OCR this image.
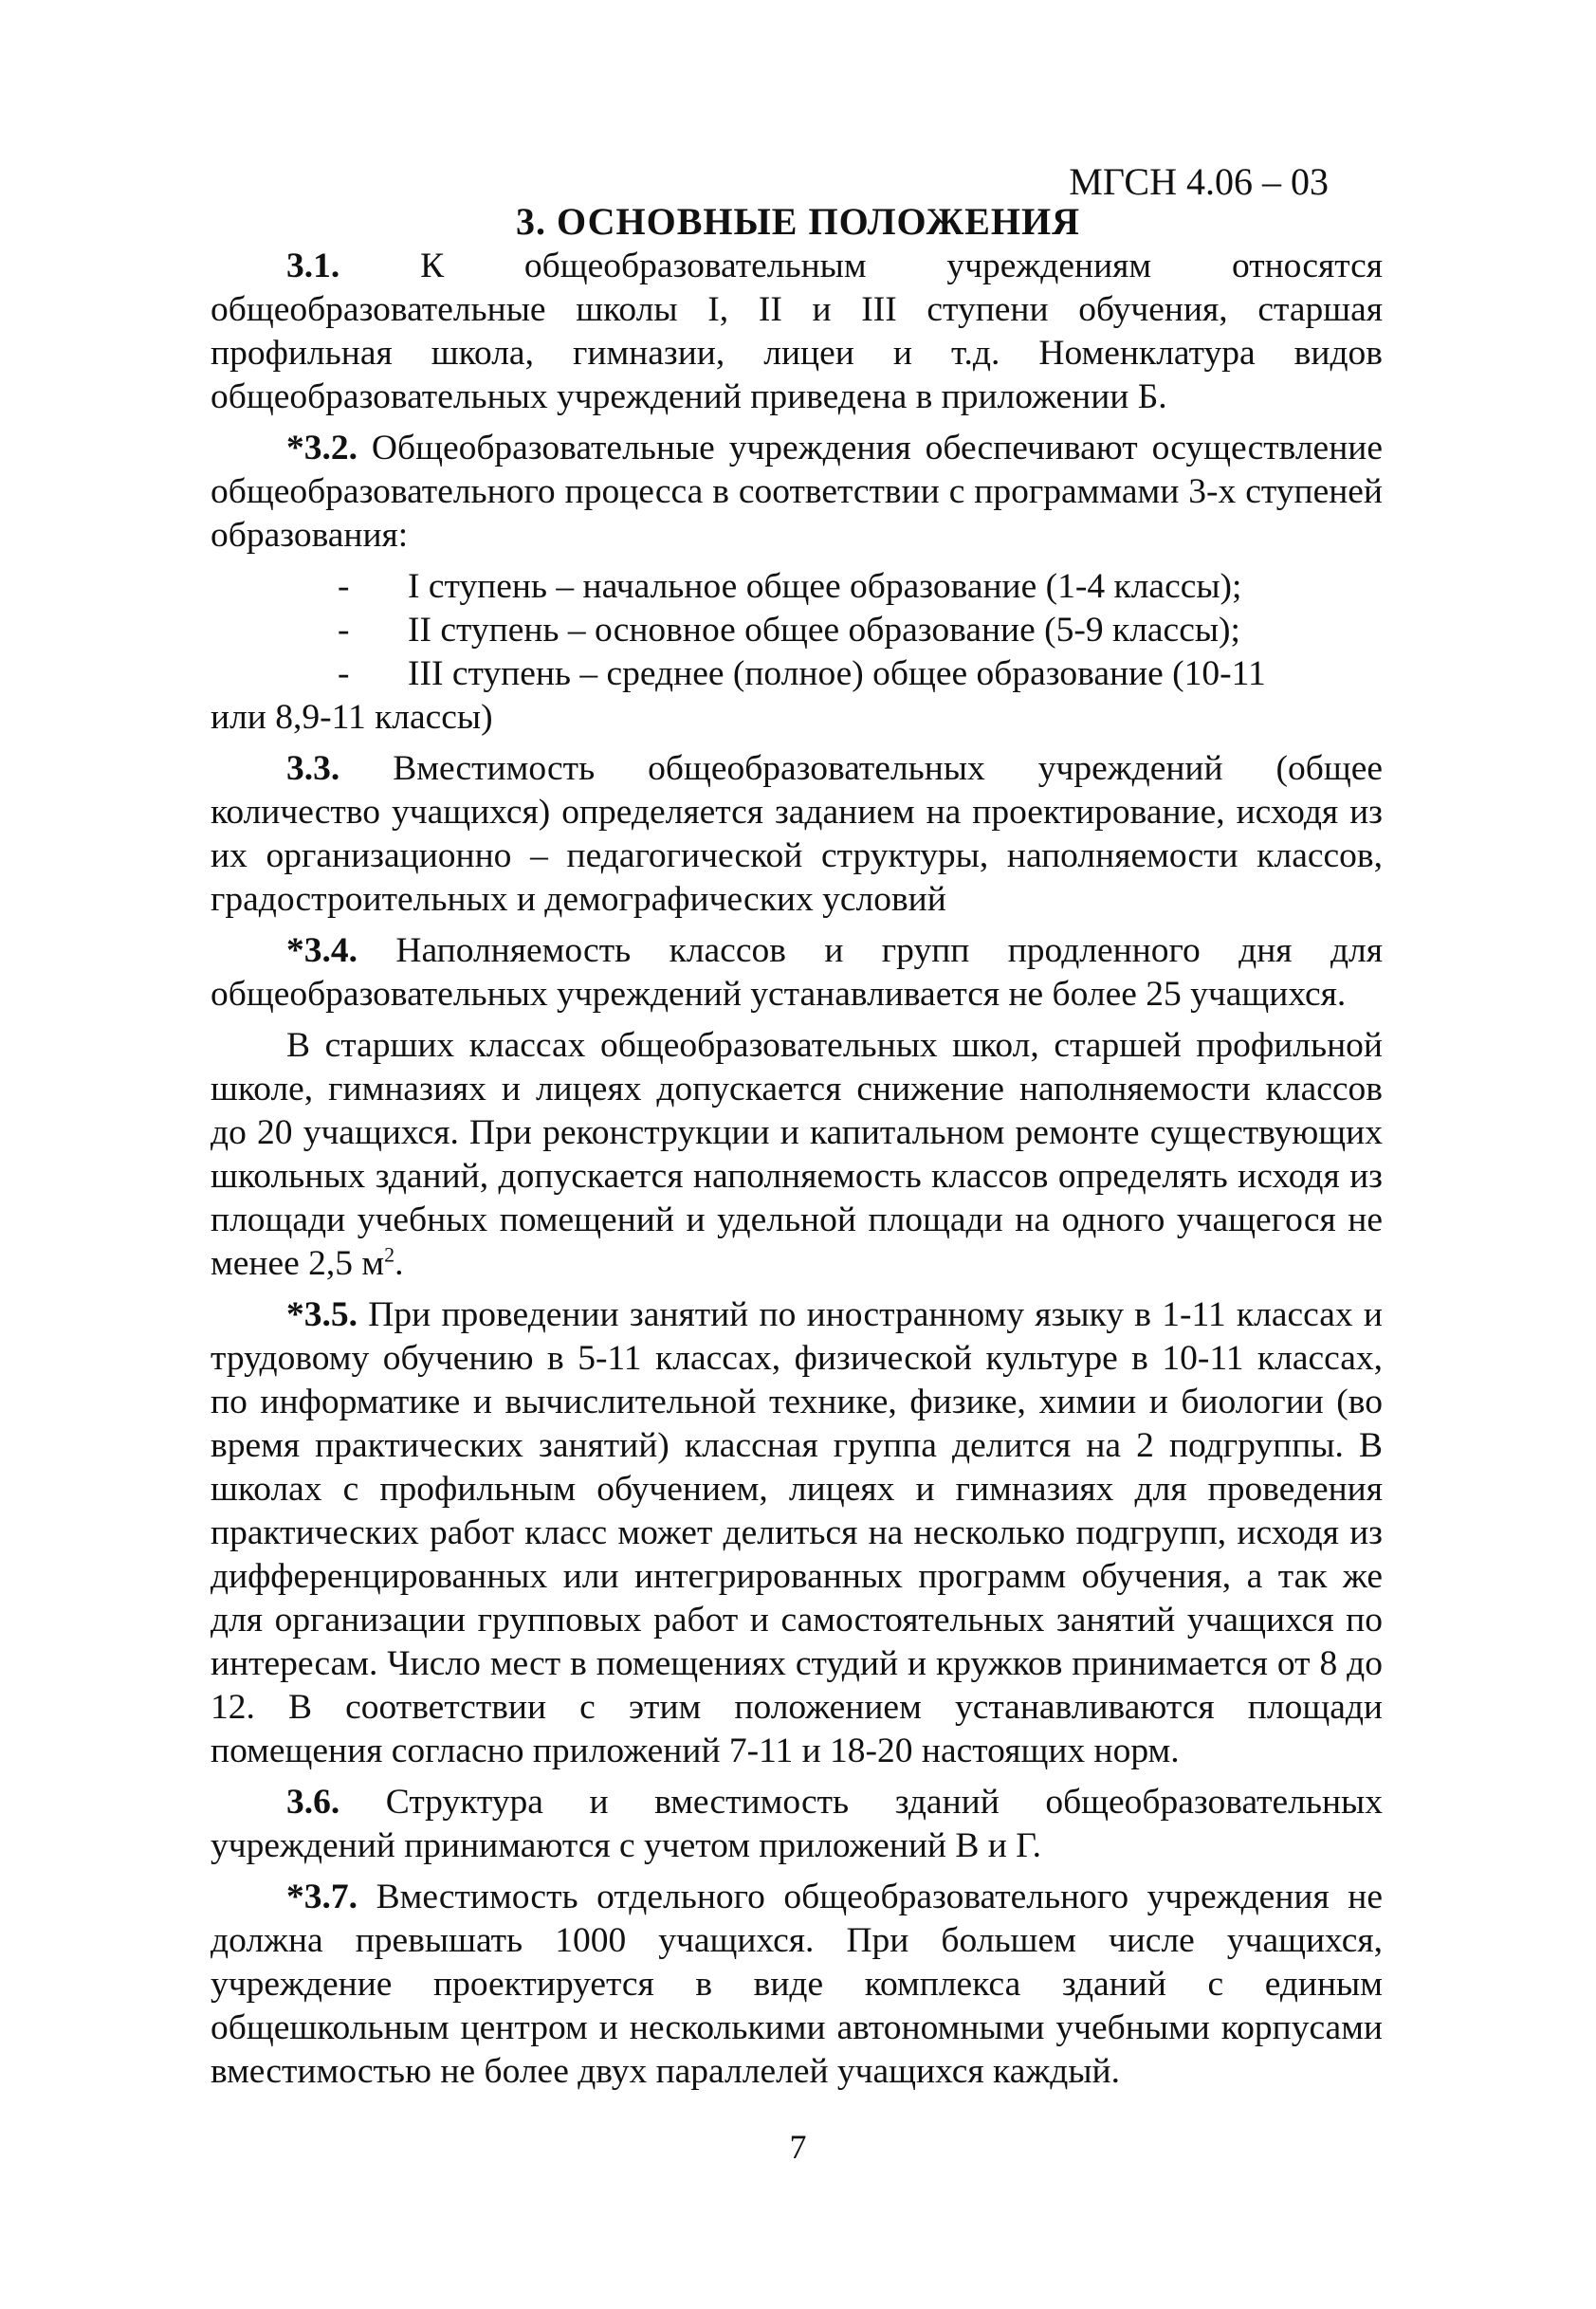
МГСН 4.06 – 03
3. ОСНОВНЫЕ ПОЛОЖЕНИЯ

3.1. К общеобразовательным учреждениям относятся общеобразовательные школы I, II и III ступени обучения, старшая профильная школа, гимназии, лицеи и т.д. Номенклатура видов общеобразовательных учреждений приведена в приложении Б.

*3.2. Общеобразовательные учреждения обеспечивают осуществление общеобразовательного процесса в соответствии с программами 3-х ступеней образования:

-	I ступень – начальное общее образование (1-4 классы);

-	II ступень – основное общее образование (5-9 классы);

-	III ступень – среднее (полное) общее образование (10-11
или 8,9-11 классы)

3.3. Вместимость общеобразовательных учреждений (общее количество учащихся) определяется заданием на проектирование, исходя из их организационно – педагогической структуры, наполняемости классов, градостроительных и демографических условий

*3.4. Наполняемость классов и групп продленного дня для общеобразовательных учреждений устанавливается не более 25 учащихся.

В старших классах общеобразовательных школ, старшей профильной школе, гимназиях и лицеях допускается снижение наполняемости классов до 20 учащихся. При реконструкции и капитальном ремонте существующих школьных зданий, допускается наполняемость классов определять исходя из площади учебных помещений и удельной площади на одного учащегося не менее 2,5 $м^2$.

*3.5. При проведении занятий по иностранному языку в 1-11 классах и трудовому обучению в 5-11 классах, физической культуре в 10-11 классах, по информатике и вычислительной технике, физике, химии и биологии (во время практических занятий) классная группа делится на 2 подгруппы. В школах с профильным обучением, лицеях и гимназиях для проведения практических работ класс может делиться на несколько подгрупп, исходя из дифференцированных или интегрированных программ обучения, а так же для организации групповых работ и самостоятельных занятий учащихся по интересам. Число мест в помещениях студий и кружков принимается от 8 до 12. В соответствии с этим положением устанавливаются площади помещения согласно приложений 7-11 и 18-20 настоящих норм.

3.6. Структура и вместимость зданий общеобразовательных учреждений принимаются с учетом приложений В и Г.

*3.7. Вместимость отдельного общеобразовательного учреждения не должна превышать 1000 учащихся. При большем числе учащихся, учреждение проектируется в виде комплекса зданий с единым общешкольным центром и несколькими автономными учебными корпусами вместимостью не более двух параллелей учащихся каждый.

7
